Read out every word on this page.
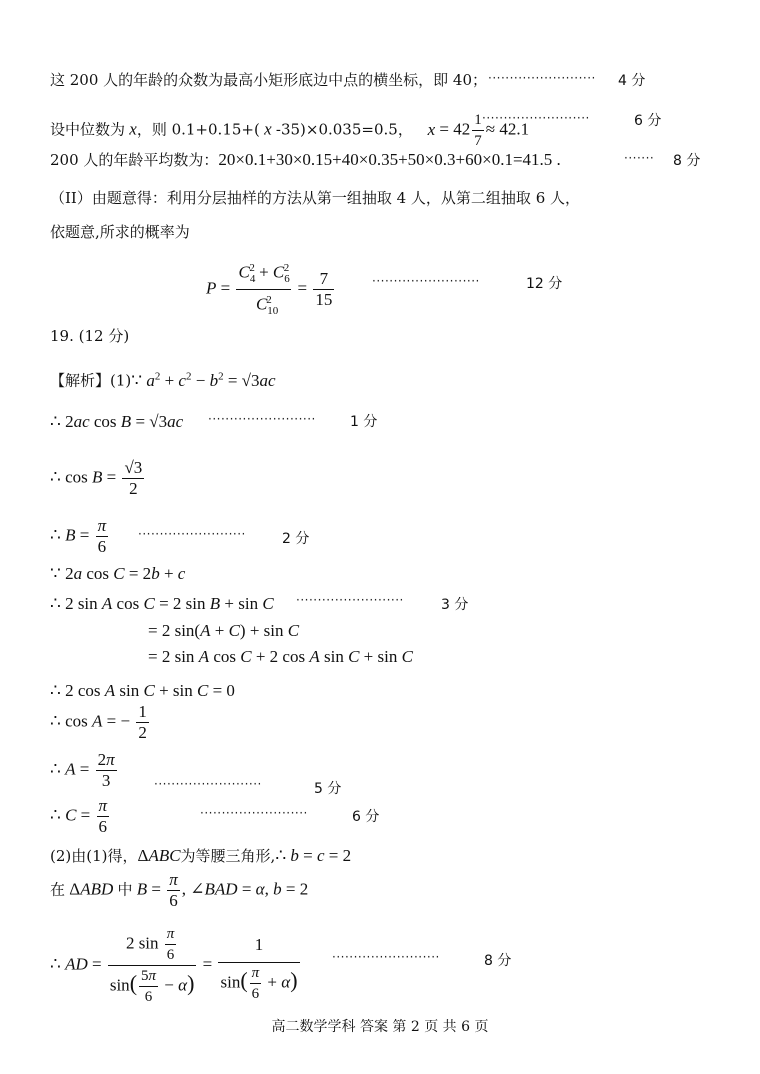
这 200 人的年龄的众数为最高小矩形底边中点的横坐标，即 40； ························· 4 分
设中位数为 x，则 0.1+0.15+( x -35)×0.035=0.5， $x = 42 \frac{1}{7} \approx 42.1$
·························	6 分
200 人的年龄平均数为：20×0.1+30×0.15+40×0.35+50×0.3+60×0.1=41.5 .	······· 8 分
（II）由题意得：利用分层抽样的方法从第一组抽取 4 人，从第二组抽取 6 人，
依题意,所求的概率为
$P = \frac{C_4^2 + C_6^2}{C_{10}^2} = \frac{7}{15}$	·························	12 分
19. (12 分)
【解析】(1)∵ $a^2 + c^2 - b^2 = √3ac$
∴ 2ac cos B = √3ac ························· 1 分
∴ $\cos B = \frac{√3}{2}$
∴ $B = \frac{\pi}{6}$ ·························	2 分
∵ 2a cos C = 2b + c
∴ 2 sin A cos C = 2 sin B + sin C ·························	3 分
= 2 sin(A + C) + sin C
= 2 sin A cos C + 2 cos A sin C + sin C
∴ 2 cos A sin C + sin C = 0
∴ cos A = − $\frac{1}{2}$
∴ $A = \frac{2\pi}{3}$	·························	5 分
∴ $C = \frac{\pi}{6}$	·························	6 分
(2)由(1)得，ΔABC为等腰三角形,∴ b = c = 2
在 ΔABD 中 $B = \frac{\pi}{6}$ , ∠BAD = α, b = 2
∴ AD = $\frac{2 \sin \frac{\pi}{6}}{\sin( \frac{5\pi}{6} - \alpha)} = \frac{1}{\sin( \frac{\pi}{6} + \alpha)}$	·························	8 分
高二数学学科 答案 第 2 页 共 6 页
